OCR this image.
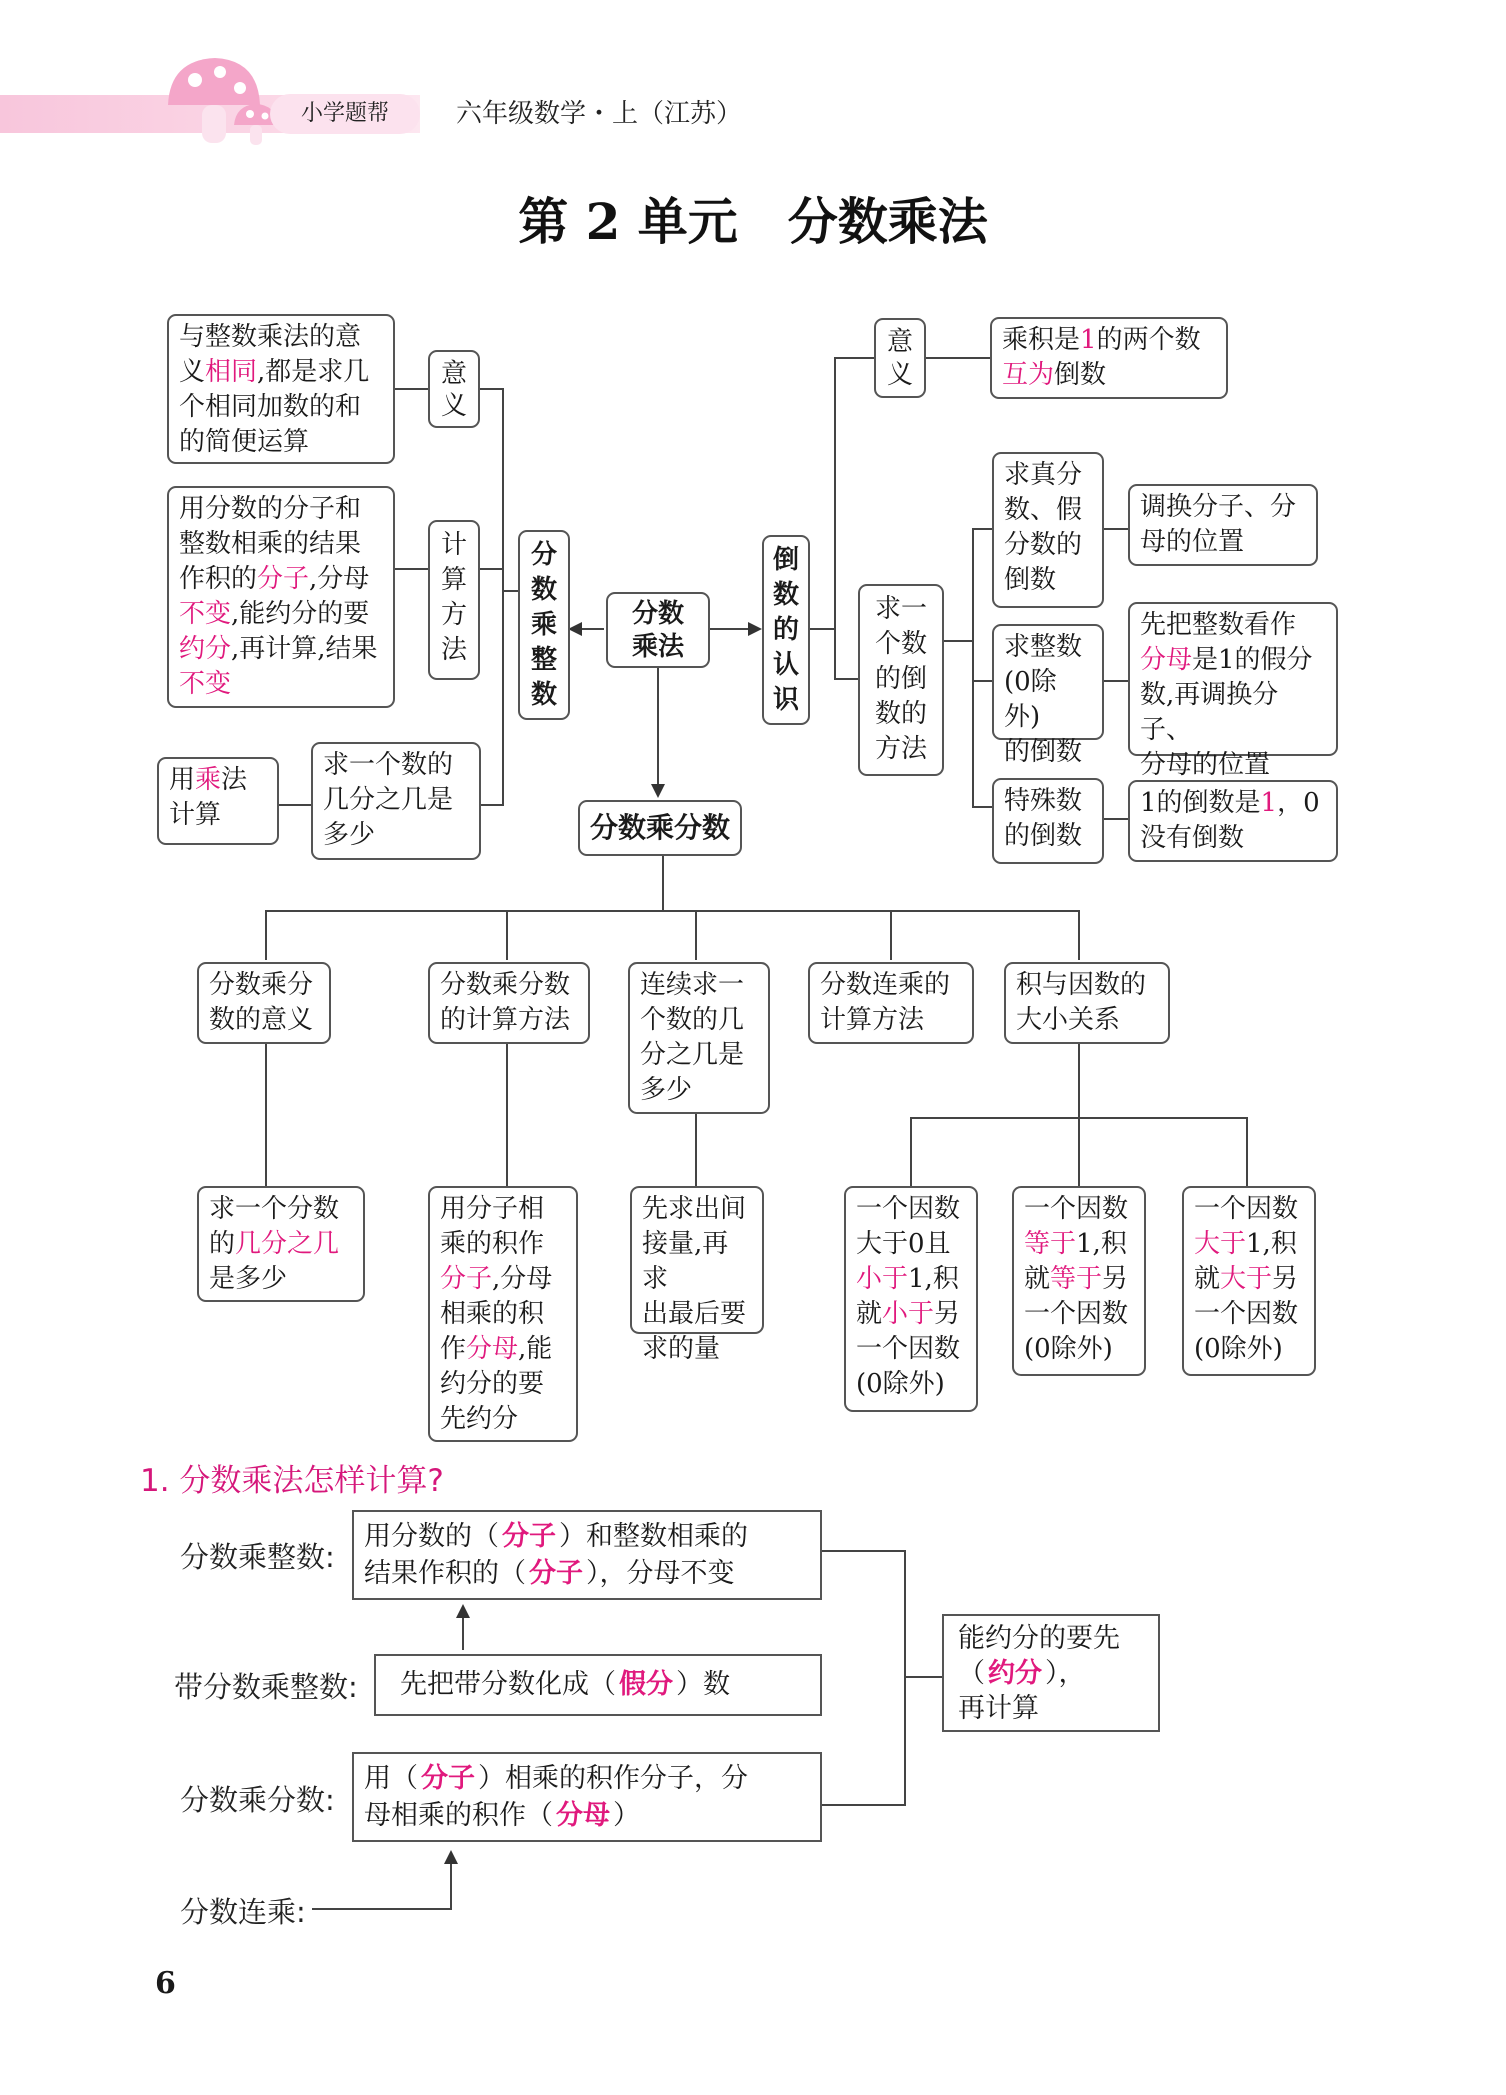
小学题帮	六年级数学・上（江苏）
第 2 单元　分数乘法
与整数乘法的意
义相同,都是求几
个相同加数的和
的简便运算
意义
用分数的分子和
整数相乘的结果
作积的分子,分母
不变,能约分的要
约分,再计算,结果
不变
计
算
方
法
用乘法
计算
求一个数的
几分之几是
多少
分
数
乘
整
数
分数
乘法
倒
数
的
认
识
意
义
乘积是1的两个数
互为倒数
求一
个数
的倒
数的
方法
求真分
数、假
分数的
倒数
调换分子、分
母的位置
求整数
(0除外)
的倒数
先把整数看作
分母是1的假分
数,再调换分子、
分母的位置
特殊数
的倒数
1的倒数是1，0
没有倒数
分数乘分数
分数乘分
数的意义
分数乘分数
的计算方法
连续求一
个数的几
分之几是
多少
分数连乘的
计算方法
积与因数的
大小关系
求一个分数
的几分之几
是多少
用分子相
乘的积作
分子,分母
相乘的积
作分母,能
约分的要
先约分
先求出间
接量,再求
出最后要
求的量
一个因数
大于0且
小于1,积
就小于另
一个因数
(0除外)
一个因数
等于1,积
就等于另
一个因数
(0除外)
一个因数
大于1,积
就大于另
一个因数
(0除外)
1. 分数乘法怎样计算?
分数乘整数:
用分数的（ 分子 ）和整数相乘的
结果作积的（ 分子 ），分母不变
带分数乘整数:	先把带分数化成（ 假分 ）数
分数乘分数:
用（ 分子 ）相乘的积作分子，分
母相乘的积作（ 分母 ）
分数连乘:
能约分的要先
（ 约分 ），
再计算
6
